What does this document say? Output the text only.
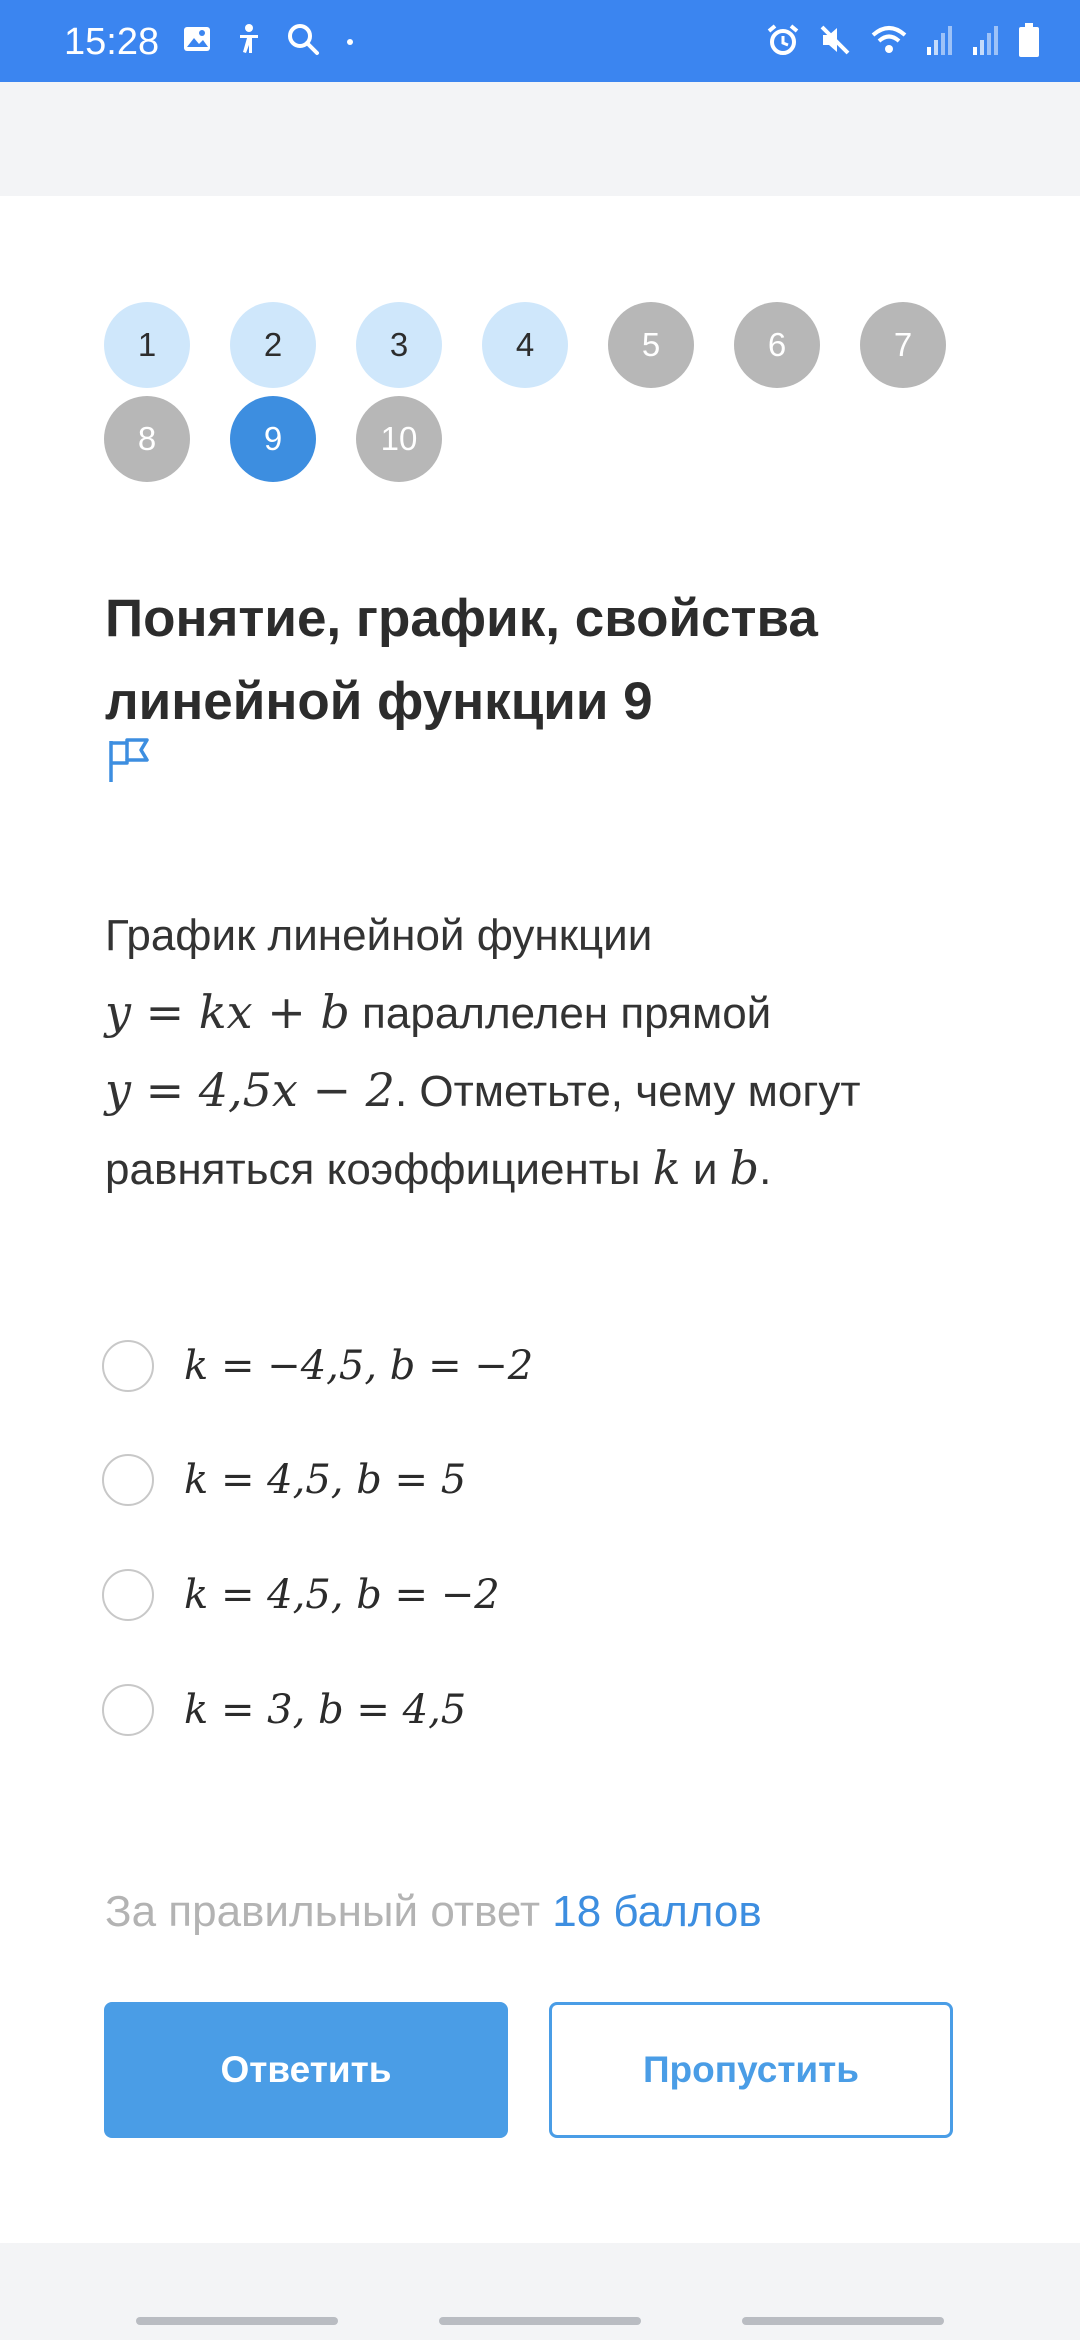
15:28
1	2	3	4	5	6	7
8	9	10
Понятие, график, свойства
линейной функции 9
График линейной функции
y = kx + b параллелен прямой
y = 4,5x − 2. Отметьте, чему могут
равняться коэффициенты k и b.
k = −4,5, b = −2
k = 4,5, b = 5
k = 4,5, b = −2
k = 3, b = 4,5
За правильный ответ 18 баллов
Ответить	Пропустить
